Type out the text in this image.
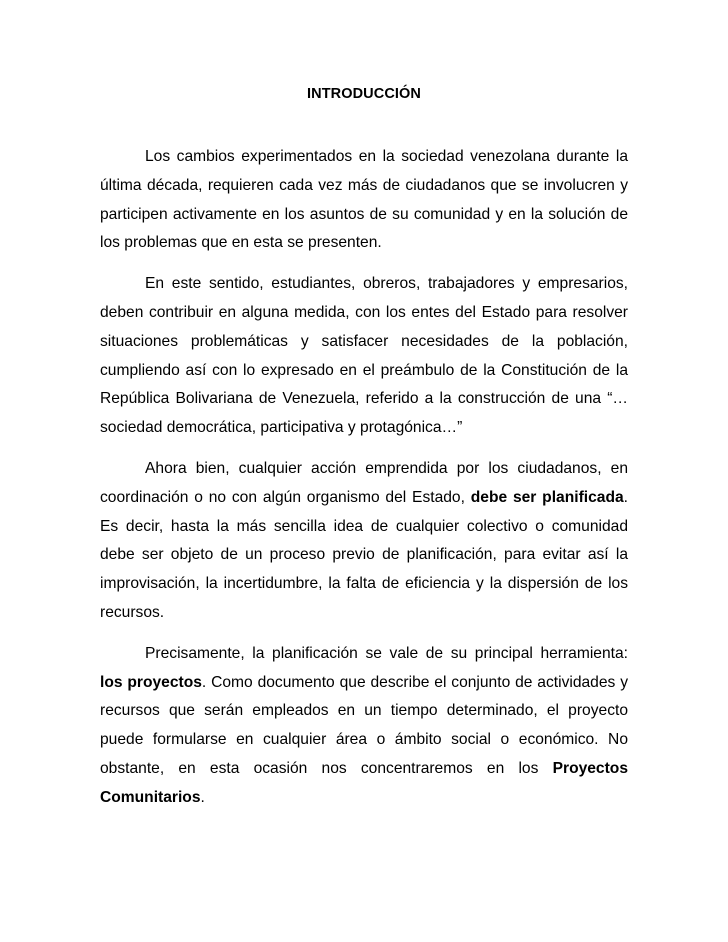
INTRODUCCIÓN

Los cambios experimentados en la sociedad venezolana durante la última década, requieren cada vez más de ciudadanos que se involucren y participen activamente en los asuntos de su comunidad y en la solución de los problemas que en esta se presenten.

En este sentido, estudiantes, obreros, trabajadores y empresarios, deben contribuir en alguna medida, con los entes del Estado para resolver situaciones problemáticas y satisfacer necesidades de la población, cumpliendo así con lo expresado en el preámbulo de la Constitución de la República Bolivariana de Venezuela, referido a la construcción de una “…sociedad democrática, participativa y protagónica…”

Ahora bien, cualquier acción emprendida por los ciudadanos, en coordinación o no con algún organismo del Estado, debe ser planificada. Es decir, hasta la más sencilla idea de cualquier colectivo o comunidad debe ser objeto de un proceso previo de planificación, para evitar así la improvisación, la incertidumbre, la falta de eficiencia y la dispersión de los recursos.

Precisamente, la planificación se vale de su principal herramienta: los proyectos. Como documento que describe el conjunto de actividades y recursos que serán empleados en un tiempo determinado, el proyecto puede formularse en cualquier área o ámbito social o económico. No obstante, en esta ocasión nos concentraremos en los Proyectos Comunitarios.
